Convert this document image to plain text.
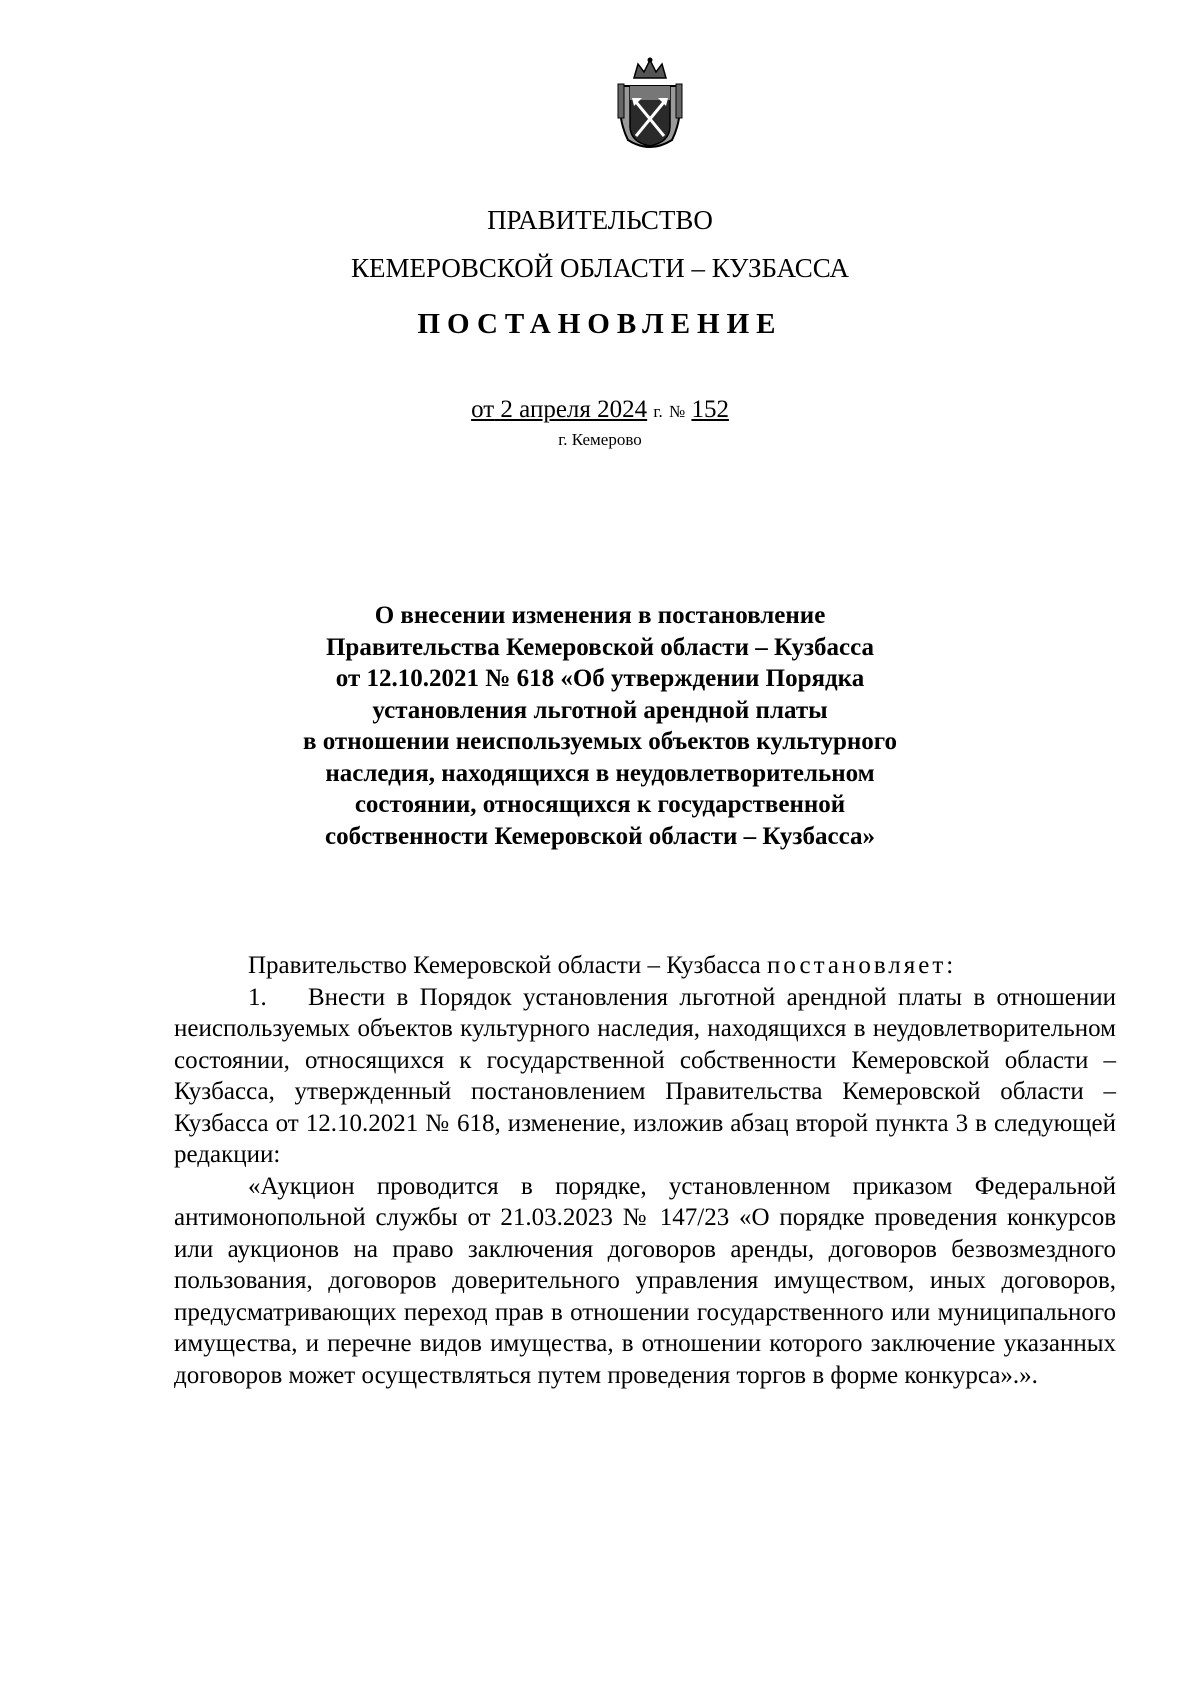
ПРАВИТЕЛЬСТВО
КЕМЕРОВСКОЙ ОБЛАСТИ – КУЗБАССА
ПОСТАНОВЛЕНИЕ
от 2 апреля 2024 г. № 152
г. Кемерово
О внесении изменения в постановление
Правительства Кемеровской области – Кузбасса
от 12.10.2021 № 618 «Об утверждении Порядка
установления льготной арендной платы
в отношении неиспользуемых объектов культурного
наследия, находящихся в неудовлетворительном
состоянии, относящихся к государственной
собственности Кемеровской области – Кузбасса»

Правительство Кемеровской области – Кузбасса постановляет:

1. Внести в Порядок установления льготной арендной платы в отношении неиспользуемых объектов культурного наследия, находящихся в неудовлетворительном состоянии, относящихся к государственной собственности Кемеровской области – Кузбасса, утвержденный постановлением Правительства Кемеровской области – Кузбасса от 12.10.2021 № 618, изменение, изложив абзац второй пункта 3 в следующей редакции:

«Аукцион проводится в порядке, установленном приказом Федеральной антимонопольной службы от 21.03.2023 № 147/23 «О порядке проведения конкурсов или аукционов на право заключения договоров аренды, договоров безвозмездного пользования, договоров доверительного управления имуществом, иных договоров, предусматривающих переход прав в отношении государственного или муниципального имущества, и перечне видов имущества, в отношении которого заключение указанных договоров может осуществляться путем проведения торгов в форме конкурса».».
